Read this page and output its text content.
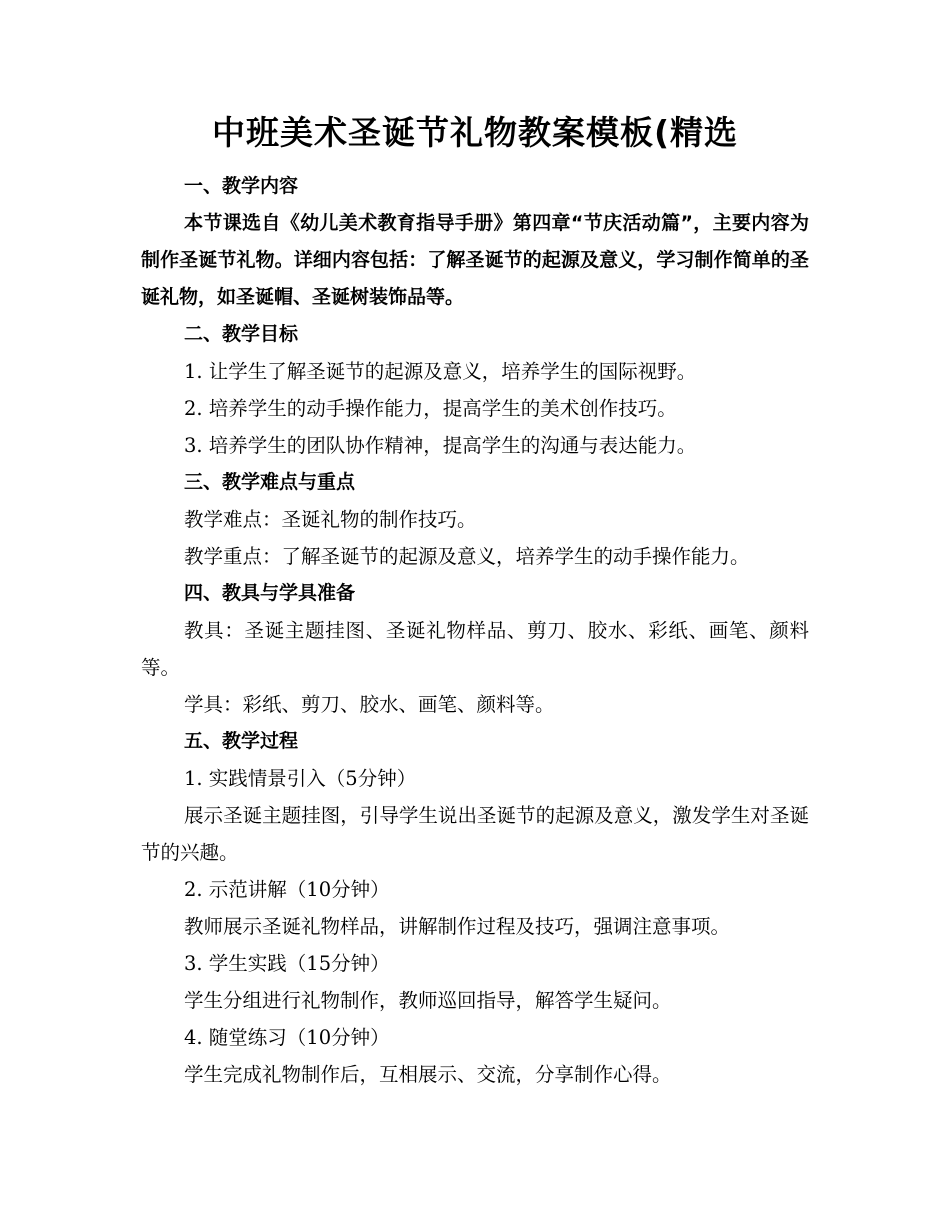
中班美术圣诞节礼物教案模板(精选

一、教学内容

本节课选自《幼儿美术教育指导手册》第四章“节庆活动篇”，主要内容为制作圣诞节礼物。详细内容包括：了解圣诞节的起源及意义，学习制作简单的圣诞礼物，如圣诞帽、圣诞树装饰品等。

二、教学目标

1. 让学生了解圣诞节的起源及意义，培养学生的国际视野。

2. 培养学生的动手操作能力，提高学生的美术创作技巧。

3. 培养学生的团队协作精神，提高学生的沟通与表达能力。

三、教学难点与重点

教学难点：圣诞礼物的制作技巧。

教学重点：了解圣诞节的起源及意义，培养学生的动手操作能力。

四、教具与学具准备

教具：圣诞主题挂图、圣诞礼物样品、剪刀、胶水、彩纸、画笔、颜料等。

学具：彩纸、剪刀、胶水、画笔、颜料等。

五、教学过程

1. 实践情景引入（5分钟）

展示圣诞主题挂图，引导学生说出圣诞节的起源及意义，激发学生对圣诞节的兴趣。

2. 示范讲解（10分钟）

教师展示圣诞礼物样品，讲解制作过程及技巧，强调注意事项。

3. 学生实践（15分钟）

学生分组进行礼物制作，教师巡回指导，解答学生疑问。

4. 随堂练习（10分钟）

学生完成礼物制作后，互相展示、交流，分享制作心得。
